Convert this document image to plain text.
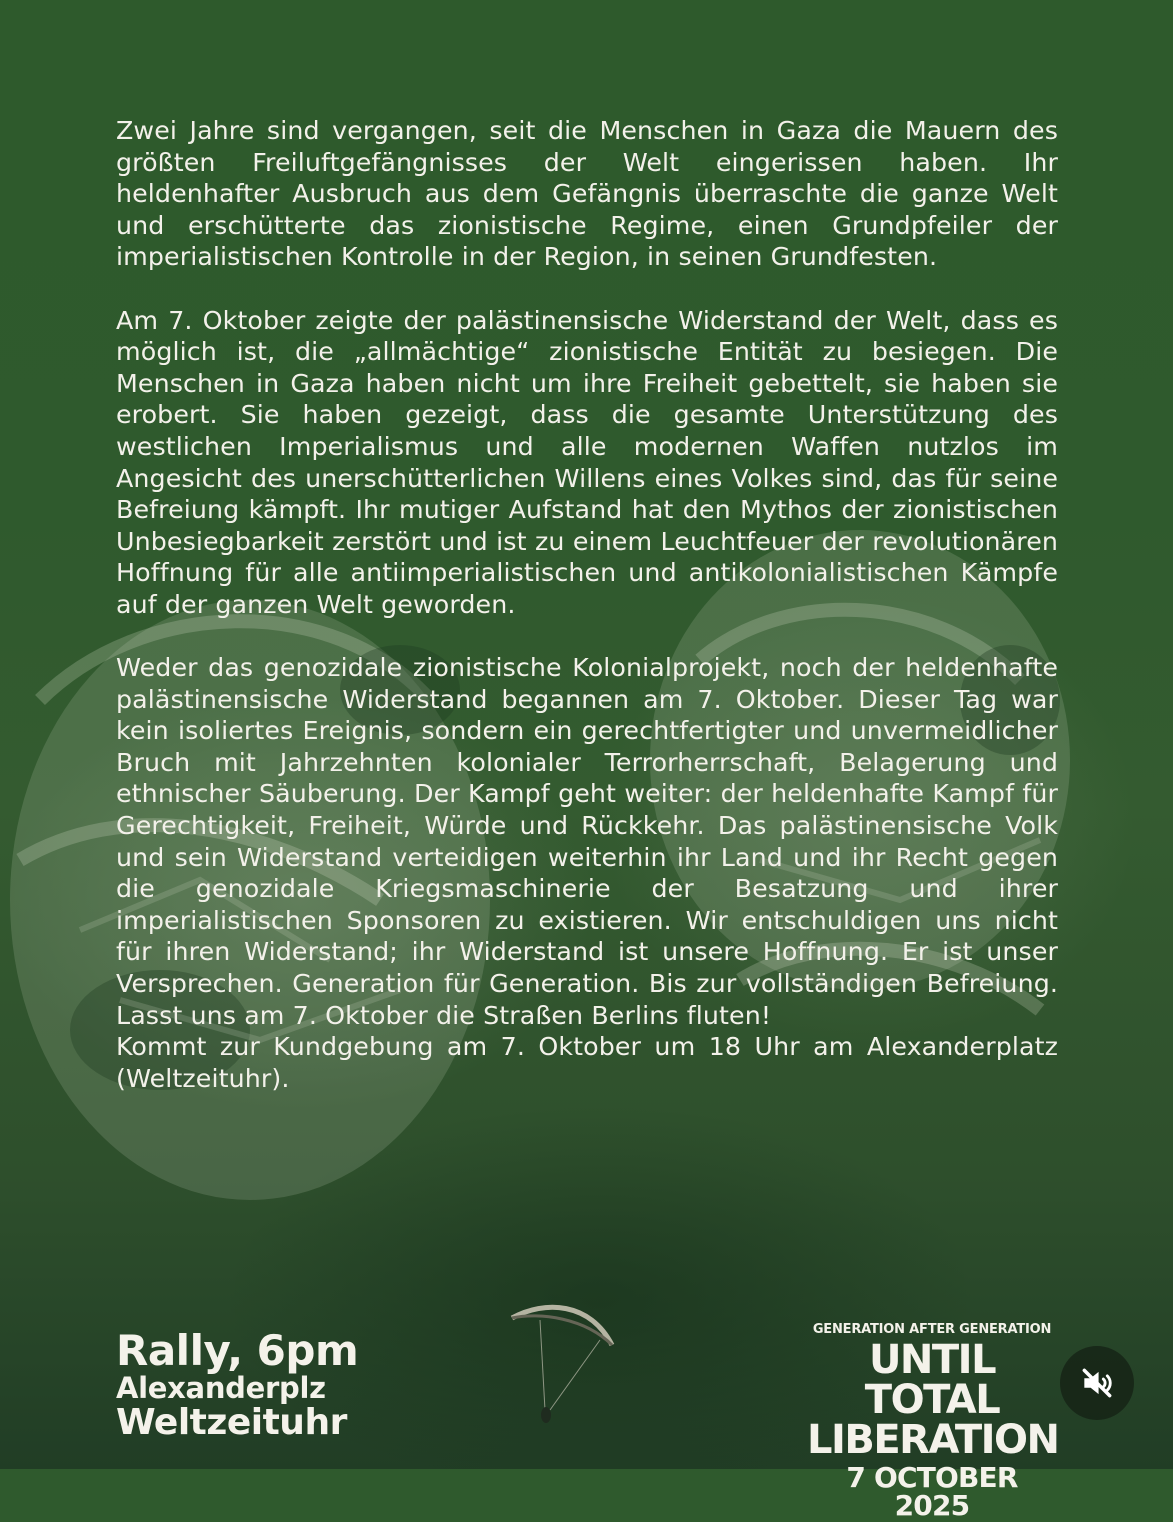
Zwei Jahre sind vergangen, seit die Menschen in Gaza die Mauern des größten Freiluftgefängnisses der Welt eingerissen haben. Ihr heldenhafter Ausbruch aus dem Gefängnis überraschte die ganze Welt und erschütterte das zionistische Regime, einen Grundpfeiler der imperialistischen Kontrolle in der Region, in seinen Grundfesten.

Am 7. Oktober zeigte der palästinensische Widerstand der Welt, dass es möglich ist, die „allmächtige“ zionistische Entität zu besiegen. Die Menschen in Gaza haben nicht um ihre Freiheit gebettelt, sie haben sie erobert. Sie haben gezeigt, dass die gesamte Unterstützung des westlichen Imperialismus und alle modernen Waffen nutzlos im Angesicht des unerschütterlichen Willens eines Volkes sind, das für seine Befreiung kämpft. Ihr mutiger Aufstand hat den Mythos der zionistischen Unbesiegbarkeit zerstört und ist zu einem Leuchtfeuer der revolutionären Hoffnung für alle antiimperialistischen und antikolonialistischen Kämpfe auf der ganzen Welt geworden.

Weder das genozidale zionistische Kolonialprojekt, noch der heldenhafte palästinensische Widerstand begannen am 7. Oktober. Dieser Tag war kein isoliertes Ereignis, sondern ein gerechtfertigter und unvermeidlicher Bruch mit Jahrzehnten kolonialer Terrorherrschaft, Belagerung und ethnischer Säuberung. Der Kampf geht weiter: der heldenhafte Kampf für Gerechtigkeit, Freiheit, Würde und Rückkehr. Das palästinensische Volk und sein Widerstand verteidigen weiterhin ihr Land und ihr Recht gegen die genozidale Kriegsmaschinerie der Besatzung und ihrer imperialistischen Sponsoren zu existieren. Wir entschuldigen uns nicht für ihren Widerstand; ihr Widerstand ist unsere Hoffnung. Er ist unser Versprechen. Generation für Generation. Bis zur vollständigen Befreiung. Lasst uns am 7. Oktober die Straßen Berlins fluten!

Kommt zur Kundgebung am 7. Oktober um 18 Uhr am Alexanderplatz (Weltzeituhr).

Rally, 6pm
Alexanderplz
Weltzeituhr
GENERATION AFTER GENERATION
UNTIL TOTAL
LIBERATION
7 OCTOBER 2025
